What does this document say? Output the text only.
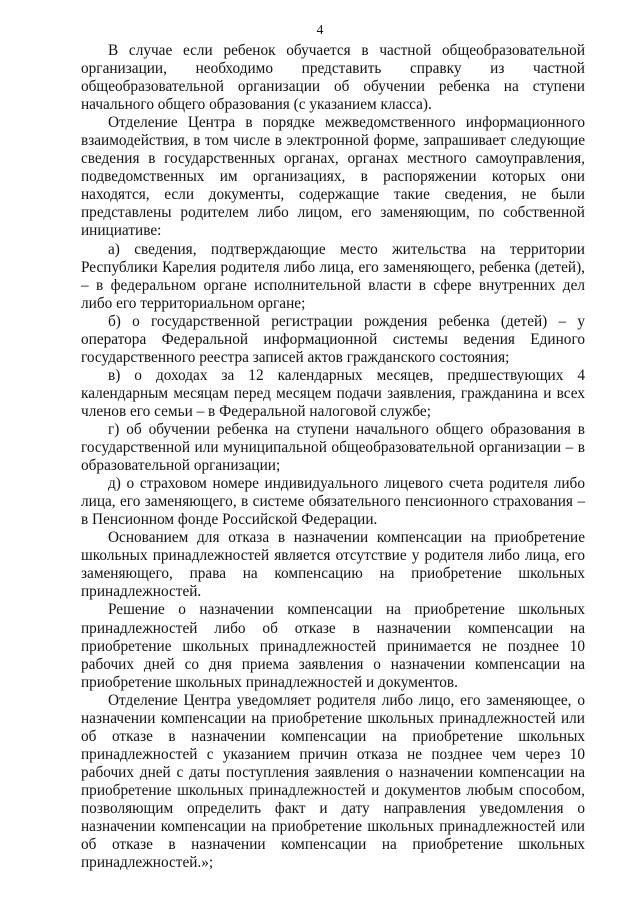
4

В случае если ребенок обучается в частной общеобразовательной организации, необходимо представить справку из частной общеобразовательной организации об обучении ребенка на ступени начального общего образования (с указанием класса).

Отделение Центра в порядке межведомственного информационного взаимодействия, в том числе в электронной форме, запрашивает следующие сведения в государственных органах, органах местного самоуправления, подведомственных им организациях, в распоряжении которых они находятся, если документы, содержащие такие сведения, не были представлены родителем либо лицом, его заменяющим, по собственной инициативе:

а) сведения, подтверждающие место жительства на территории Республики Карелия родителя либо лица, его заменяющего, ребенка (детей), – в федеральном органе исполнительной власти в сфере внутренних дел либо его территориальном органе;

б) о государственной регистрации рождения ребенка (детей) – у оператора Федеральной информационной системы ведения Единого государственного реестра записей актов гражданского состояния;

в) о доходах за 12 календарных месяцев, предшествующих 4 календарным месяцам перед месяцем подачи заявления, гражданина и всех членов его семьи – в Федеральной налоговой службе;

г) об обучении ребенка на ступени начального общего образования в государственной или муниципальной общеобразовательной организации – в образовательной организации;

д) о страховом номере индивидуального лицевого счета родителя либо лица, его заменяющего, в системе обязательного пенсионного страхования – в Пенсионном фонде Российской Федерации.

Основанием для отказа в назначении компенсации на приобретение школьных принадлежностей является отсутствие у родителя либо лица, его заменяющего, права на компенсацию на приобретение школьных принадлежностей.

Решение о назначении компенсации на приобретение школьных принадлежностей либо об отказе в назначении компенсации на приобретение школьных принадлежностей принимается не позднее 10 рабочих дней со дня приема заявления о назначении компенсации на приобретение школьных принадлежностей и документов.

Отделение Центра уведомляет родителя либо лицо, его заменяющее, о назначении компенсации на приобретение школьных принадлежностей или об отказе в назначении компенсации на приобретение школьных принадлежностей с указанием причин отказа не позднее чем через 10 рабочих дней с даты поступления заявления о назначении компенсации на приобретение школьных принадлежностей и документов любым способом, позволяющим определить факт и дату направления уведомления о назначении компенсации на приобретение школьных принадлежностей или об отказе в назначении компенсации на приобретение школьных принадлежностей.»;
